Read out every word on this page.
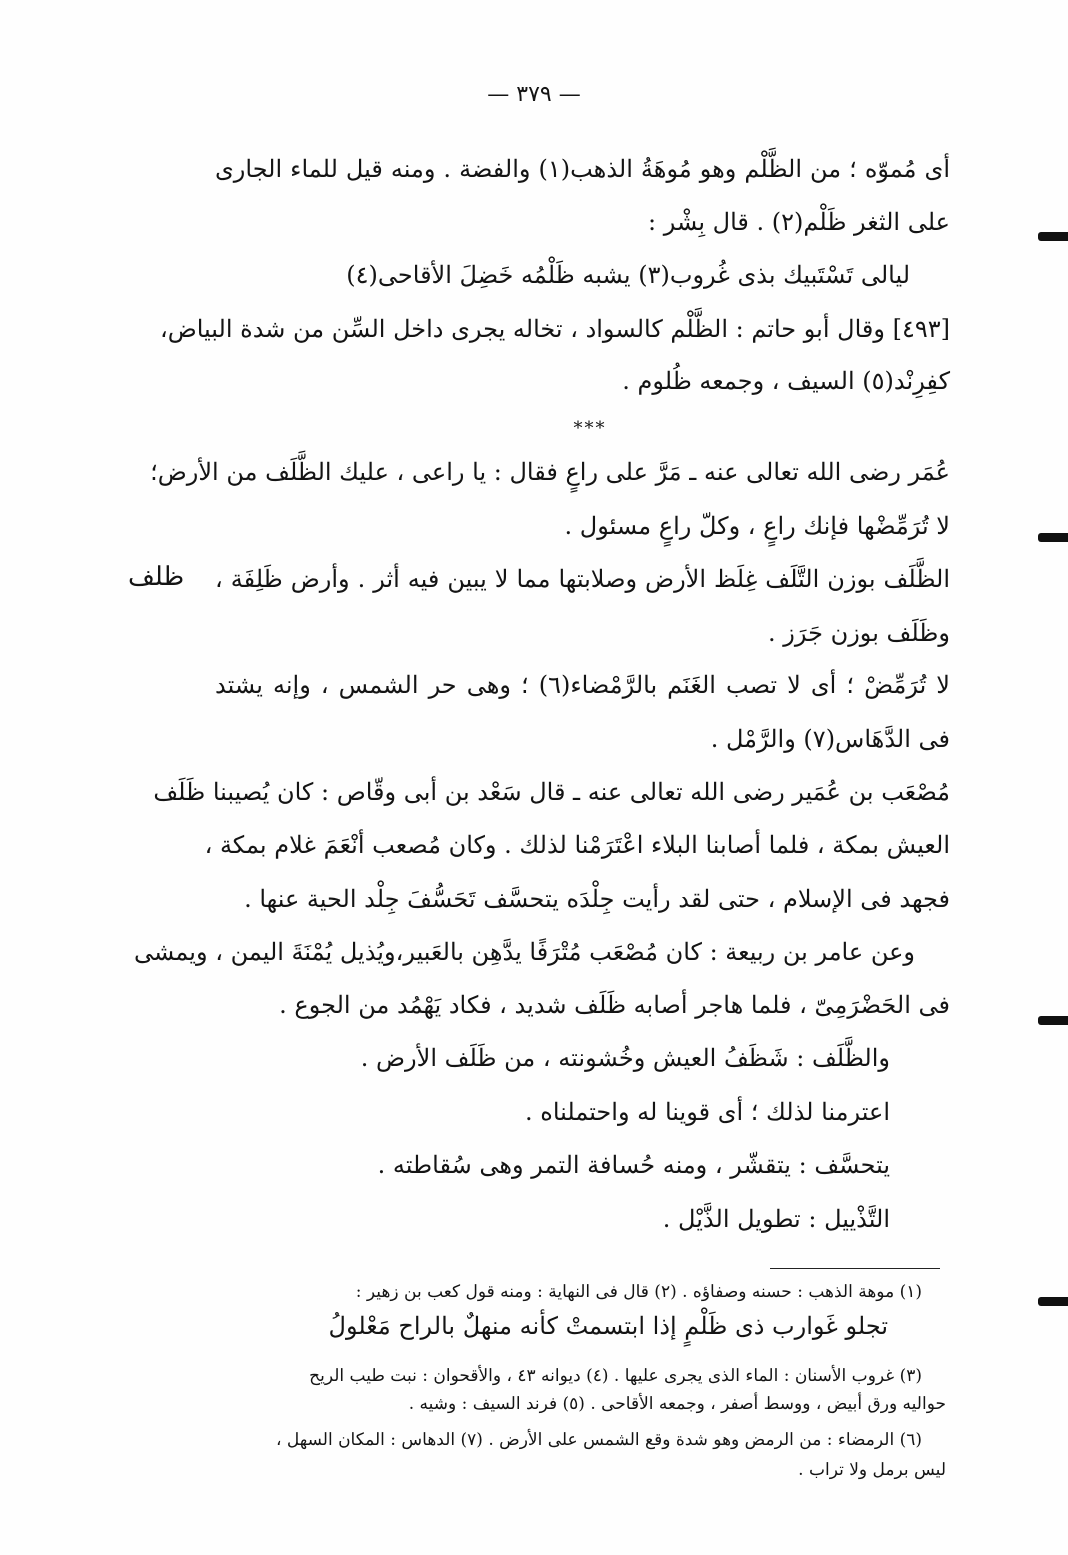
— ٣٧٩ —
أى مُموّه ؛ من الظَّلْم وهو مُوهَةُ الذهب(١) والفضة . ومنه قيل للماء الجارى
على الثغر ظَلْم(٢) . قال بِشْر :
ليالى تَسْتَبيك بذى غُروب(٣) يشبه ظَلْمُه خَضِلَ الأقاحى(٤)
[٤٩٣] وقال أبو حاتم : الظَّلْم كالسواد ، تخاله يجرى داخل السِّن من شدة البياض،
كفِرِنْد(٥) السيف ، وجمعه ظُلوم .
***
عُمَر رضى الله تعالى عنه ـ مَرَّ على راعٍ فقال : يا راعى ، عليك الظَّلَف من الأرض؛
لا تُرَمِّضْها فإنك راعٍ ، وكلّ راعٍ مسئول .
ظلف الظَّلَف بوزن التَّلَف غِلَظ الأرض وصلابتها مما لا يبين فيه أثر . وأرض ظَلِفَة ،
وظَلَف بوزن جَرَز .
لا تُرَمِّضْ ؛ أى لا تصب الغَنَم بالرَّمْضاء(٦) ؛ وهى حر الشمس ، وإنه يشتد
فى الدَّهَاس(٧) والرَّمْل .
مُصْعَب بن عُمَير رضى الله تعالى عنه ـ قال سَعْد بن أبى وقّاص : كان يُصيبنا ظَلَف
العيش بمكة ، فلما أصابنا البلاء اعْتَرَمْنا لذلك . وكان مُصعب أنْعَمَ غلام بمكة ،
فجهد فى الإسلام ، حتى لقد رأيت جِلْدَه يتحسَّف تَحَسُّفَ جِلْد الحية عنها .
وعن عامر بن ربيعة : كان مُصْعَب مُتْرَفًا يدَّهِن بالعَبير،ويُذيل يُمْنَةَ اليمن ، ويمشى
فى الحَضْرَمِىّ ، فلما هاجر أصابه ظَلَف شديد ، فكاد يَهْمُد من الجوع .
والظَّلَف : شَظَفُ العيش وخُشونته ، من ظَلَف الأرض .
اعترمنا لذلك ؛ أى قوينا له واحتملناه .
يتحسَّف : يتقشّر ، ومنه حُسافة التمر وهى سُقاطته .
التَّذْييل : تطويل الذَّيْل .
(١) موهة الذهب : حسنه وصفاؤه . (٢) قال فى النهاية : ومنه قول كعب بن زهير :
تجلو غَوارب ذى ظَلْمٍ إذا ابتسمتْ كأنه منهلٌ بالراح مَعْلولُ
(٣) غروب الأسنان : الماء الذى يجرى عليها . (٤) ديوانه ٤٣ ، والأقحوان : نبت طيب الريح
حواليه ورق أبيض ، ووسط أصفر ، وجمعه الأقاحى . (٥) فرند السيف : وشيه .
(٦) الرمضاء : من الرمض وهو شدة وقع الشمس على الأرض . (٧) الدهاس : المكان السهل ،
ليس برمل ولا تراب .
